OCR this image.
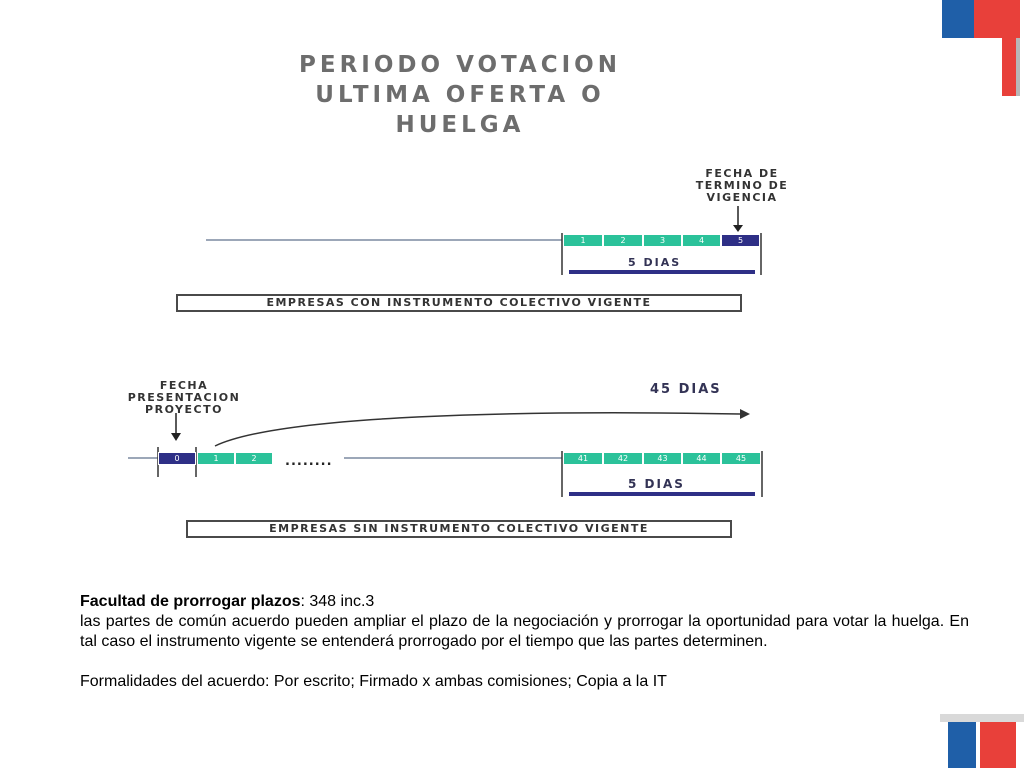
PERIODO VOTACION
ULTIMA OFERTA O
HUELGA
FECHA DE
TERMINO DE
VIGENCIA
1	2	3	4	5
5 DIAS
EMPRESAS CON INSTRUMENTO COLECTIVO VIGENTE
FECHA
PRESENTACION
PROYECTO
45 DIAS
0	1	2	........	41	42	43	44	45
5 DIAS
EMPRESAS SIN INSTRUMENTO COLECTIVO VIGENTE

Facultad de prorrogar plazos: 348 inc.3

las partes de común acuerdo pueden ampliar el plazo de la negociación y prorrogar la oportunidad para votar la huelga. En tal caso el instrumento vigente se entenderá prorrogado por el tiempo que las partes determinen.

Formalidades del acuerdo: Por escrito; Firmado x ambas comisiones; Copia a la IT
